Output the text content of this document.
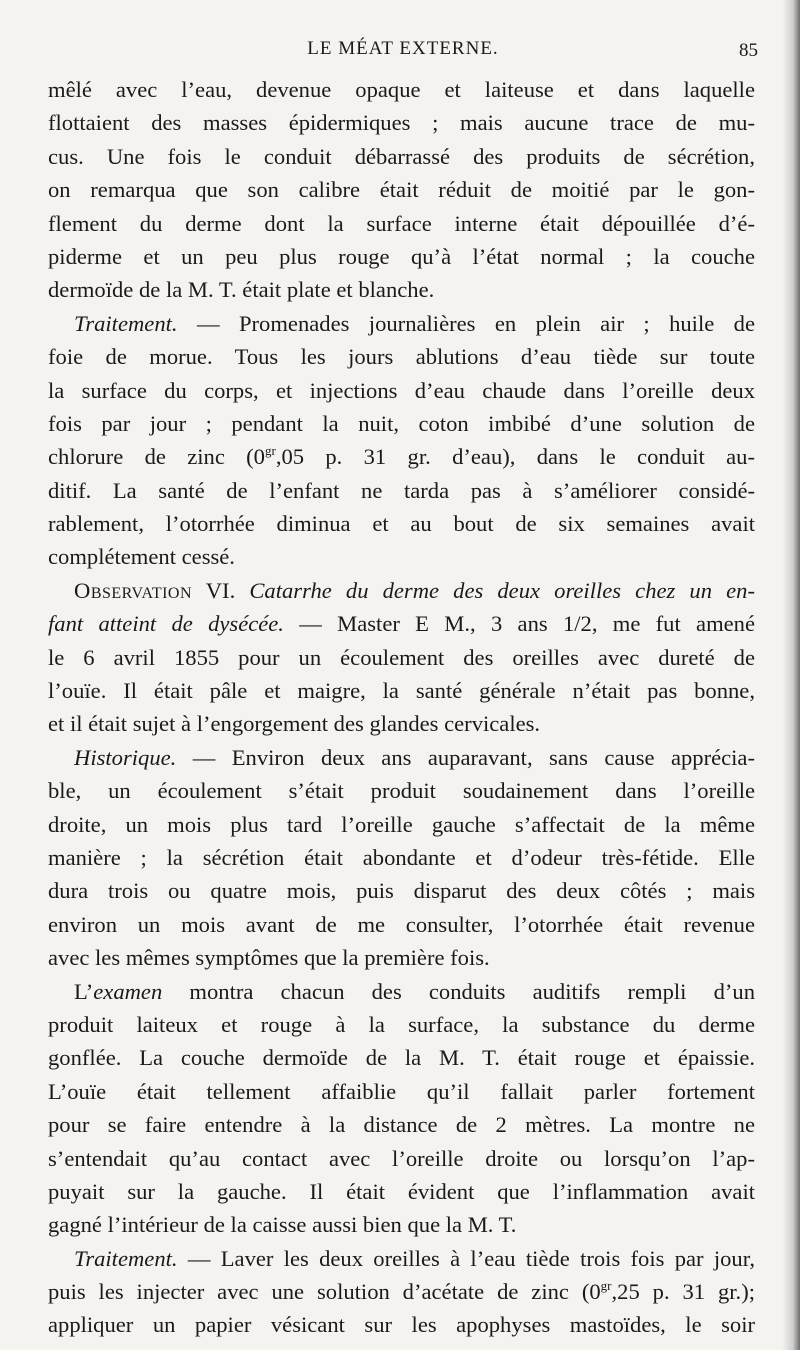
LE MÉAT EXTERNE.	85
mêlé avec l’eau, devenue opaque et laiteuse et dans laquelle
flottaient des masses épidermiques ; mais aucune trace de mu-
cus. Une fois le conduit débarrassé des produits de sécrétion,
on remarqua que son calibre était réduit de moitié par le gon-
flement du derme dont la surface interne était dépouillée d’é-
piderme et un peu plus rouge qu’à l’état normal ; la couche
dermoïde de la M. T. était plate et blanche.
Traitement. — Promenades journalières en plein air ; huile de
foie de morue. Tous les jours ablutions d’eau tiède sur toute
la surface du corps, et injections d’eau chaude dans l’oreille deux
fois par jour ; pendant la nuit, coton imbibé d’une solution de
chlorure de zinc ($0^{gr},05$ p. 31 gr. d’eau), dans le conduit au-
ditif. La santé de l’enfant ne tarda pas à s’améliorer considé-
rablement, l’otorrhée diminua et au bout de six semaines avait
complétement cessé.
Observation VI. Catarrhe du derme des deux oreilles chez un en-
fant atteint de dysécée. — Master E M., 3 ans 1/2, me fut amené
le 6 avril 1855 pour un écoulement des oreilles avec dureté de
l’ouïe. Il était pâle et maigre, la santé générale n’était pas bonne,
et il était sujet à l’engorgement des glandes cervicales.
Historique. — Environ deux ans auparavant, sans cause apprécia-
ble, un écoulement s’était produit soudainement dans l’oreille
droite, un mois plus tard l’oreille gauche s’affectait de la même
manière ; la sécrétion était abondante et d’odeur très-fétide. Elle
dura trois ou quatre mois, puis disparut des deux côtés ; mais
environ un mois avant de me consulter, l’otorrhée était revenue
avec les mêmes symptômes que la première fois.
L’examen montra chacun des conduits auditifs rempli d’un
produit laiteux et rouge à la surface, la substance du derme
gonflée. La couche dermoïde de la M. T. était rouge et épaissie.
L’ouïe était tellement affaiblie qu’il fallait parler fortement
pour se faire entendre à la distance de 2 mètres. La montre ne
s’entendait qu’au contact avec l’oreille droite ou lorsqu’on l’ap-
puyait sur la gauche. Il était évident que l’inflammation avait
gagné l’intérieur de la caisse aussi bien que la M. T.
Traitement. — Laver les deux oreilles à l’eau tiède trois fois par jour,
puis les injecter avec une solution d’acétate de zinc ($0^{gr},25$ p. 31 gr.);
appliquer un papier vésicant sur les apophyses mastoïdes, le soir
